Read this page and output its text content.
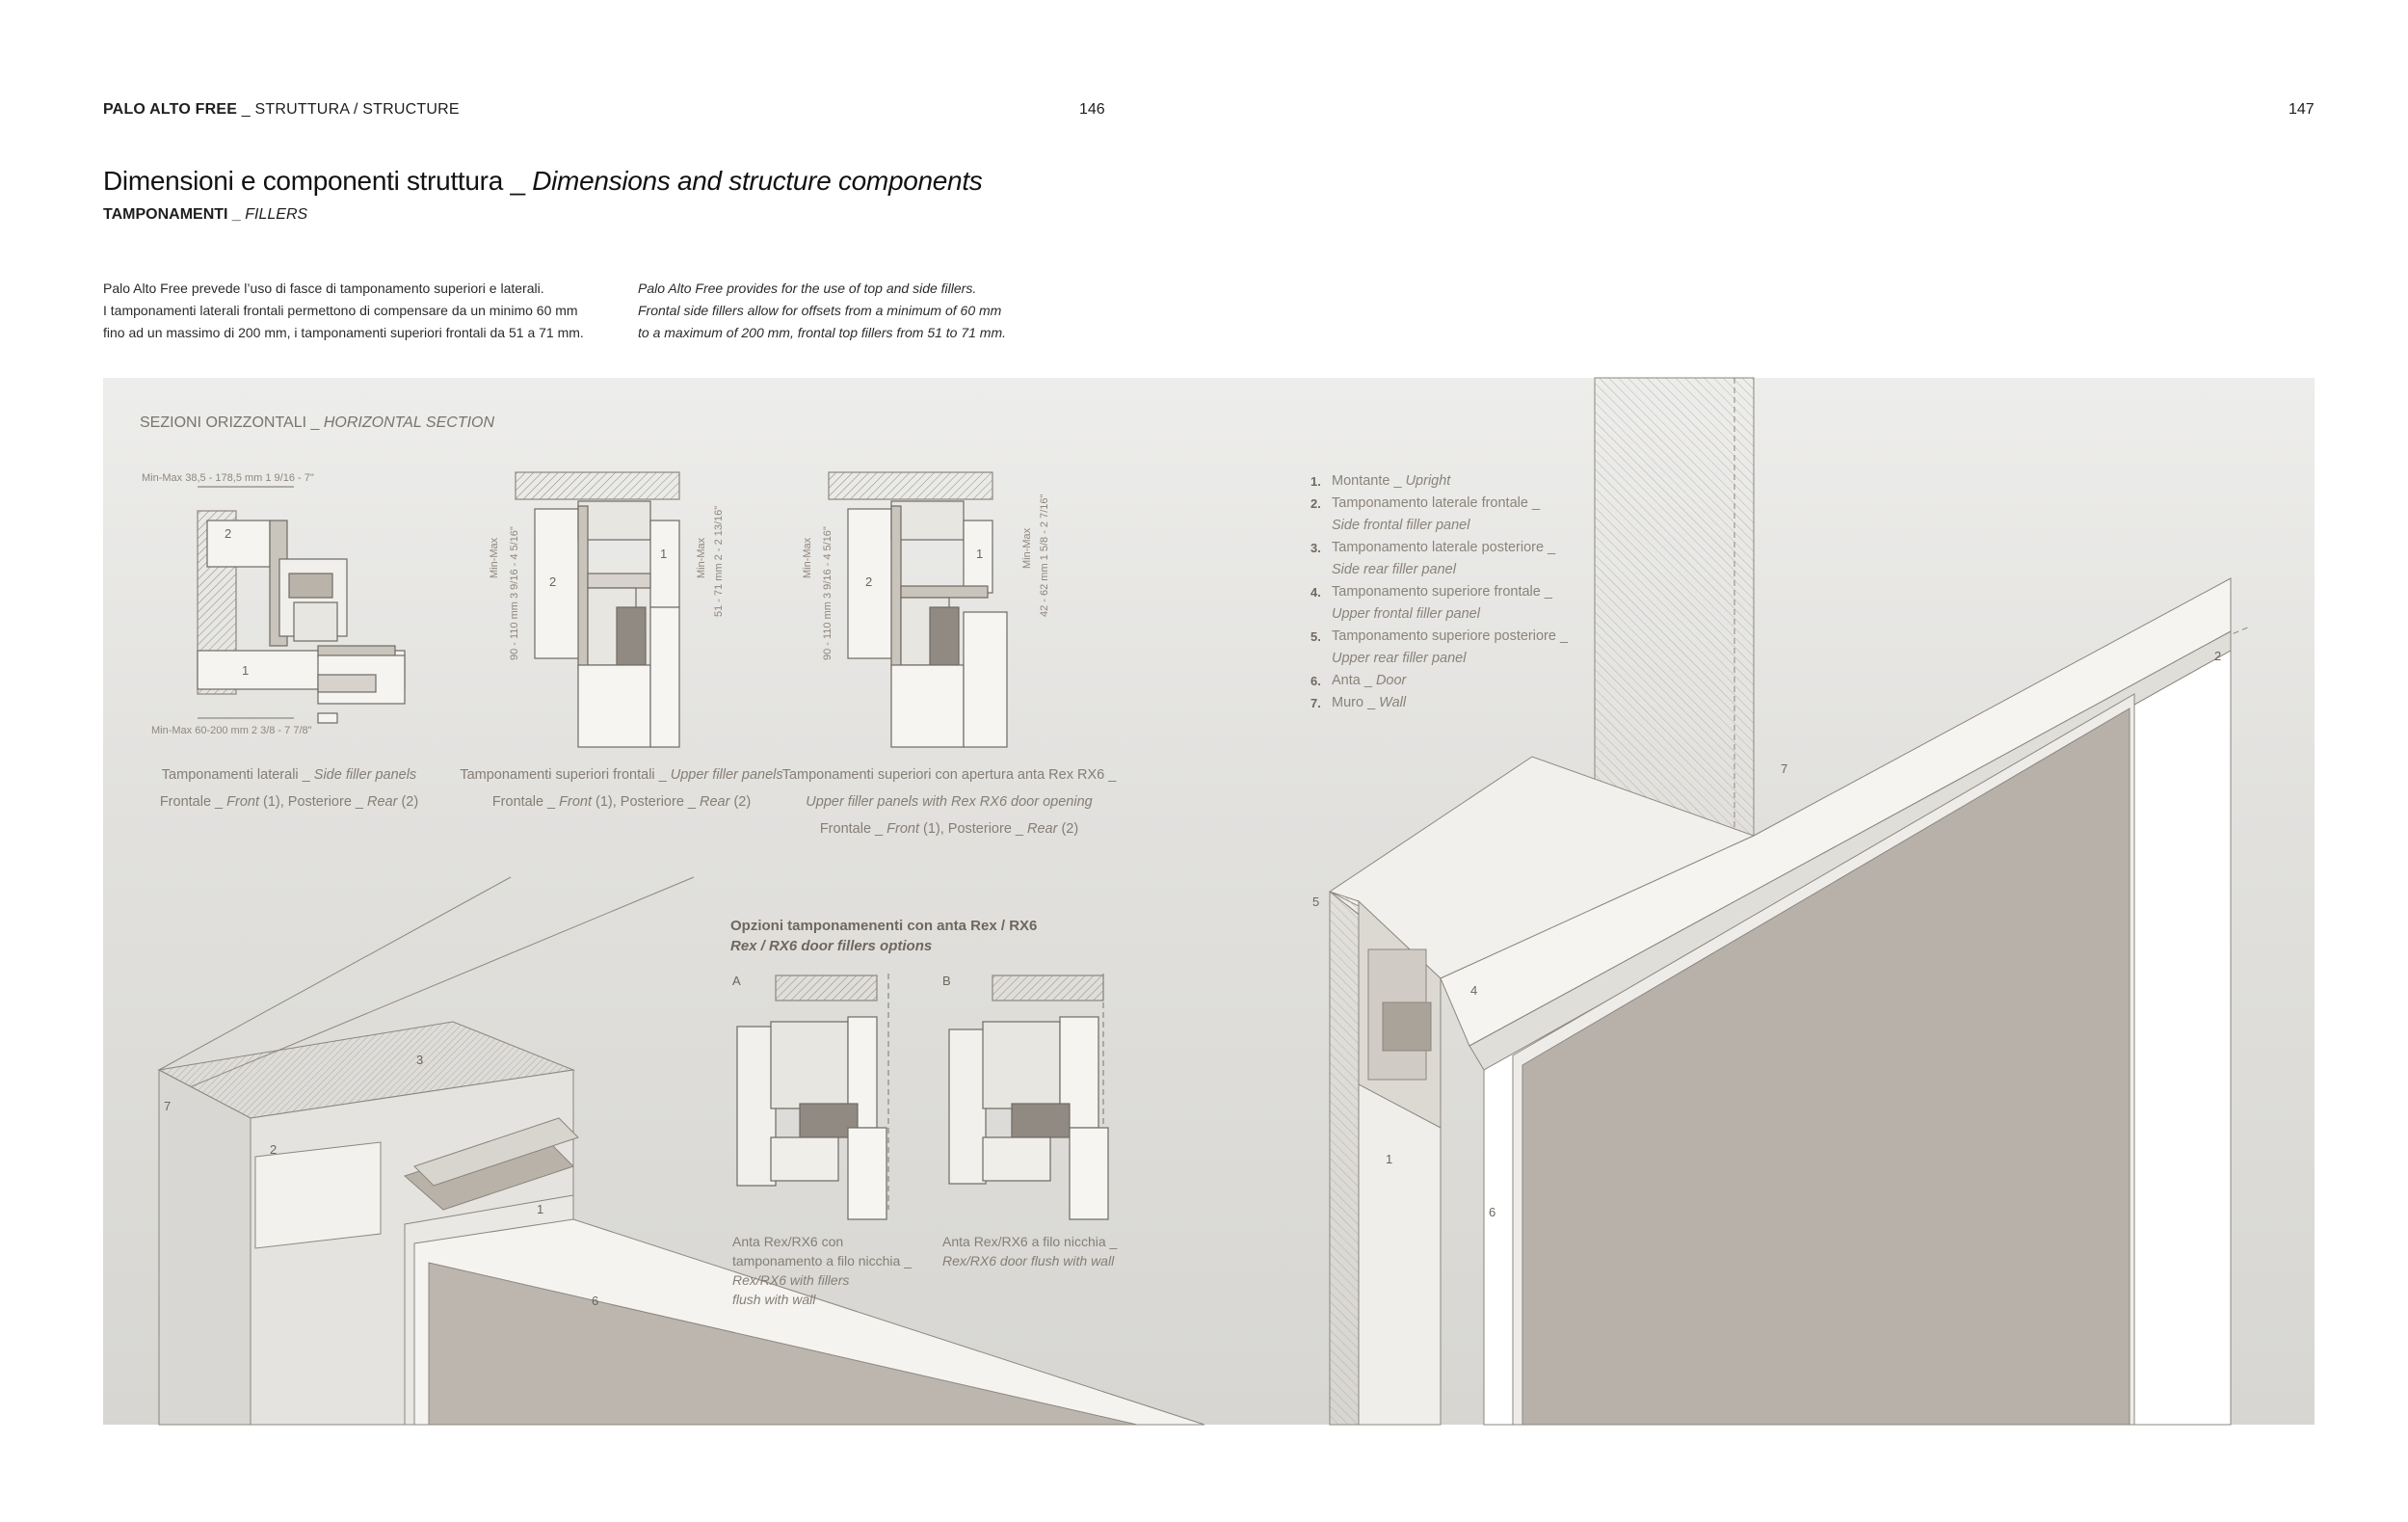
PALO ALTO FREE _ STRUTTURA / STRUCTURE	146	147
Dimensioni e componenti struttura _ Dimensions and structure components
TAMPONAMENTI _ FILLERS
Palo Alto Free prevede l’uso di fasce di tamponamento superiori e laterali.
I tamponamenti laterali frontali permettono di compensare da un minimo 60 mm
fino ad un massimo di 200 mm, i tamponamenti superiori frontali da 51 a 71 mm.
Palo Alto Free provides for the use of top and side fillers.
Frontal side fillers allow for offsets from a minimum of 60 mm
to a maximum of 200 mm, frontal top fillers from 51 to 71 mm.
SEZIONI ORIZZONTALI _ HORIZONTAL SECTION
Min-Max 38,5 - 178,5 mm 1 9/16 - 7"
Min-Max 60-200 mm 2 3/8 - 7 7/8"
2
1
Tamponamenti laterali _ Side filler panels
Frontale _ Front (1), Posteriore _ Rear (2)
Min-Max 90 - 110 mm 3 9/16 - 4 5/16"	Min-Max 51 - 71 mm 2 - 2 13/16"
2
1
Tamponamenti superiori frontali _ Upper filler panels
Frontale _ Front (1), Posteriore _ Rear (2)
Min-Max 90 - 110 mm 3 9/16 - 4 5/16"	Min-Max 42 - 62 mm 1 5/8 - 2 7/16"
2
1
Tamponamenti superiori con apertura anta Rex RX6 _
Upper filler panels with Rex RX6 door opening
Frontale _ Front (1), Posteriore _ Rear (2)
1. Montante _ Upright
2. Tamponamento laterale frontale _
Side frontal filler panel
3. Tamponamento laterale posteriore _
Side rear filler panel
4. Tamponamento superiore frontale _
Upper frontal filler panel
5. Tamponamento superiore posteriore _
Upper rear filler panel
6. Anta _ Door
7. Muro _ Wall
Opzioni tamponamenenti con anta Rex / RX6
Rex / RX6 door fillers options
A	B
Anta Rex/RX6 con
tamponamento a filo nicchia _
Rex/RX6 with fillers
flush with wall
Anta Rex/RX6 a filo nicchia _
Rex/RX6 door flush with wall
7
3
2
1
6
7
2
5
4
1
6
